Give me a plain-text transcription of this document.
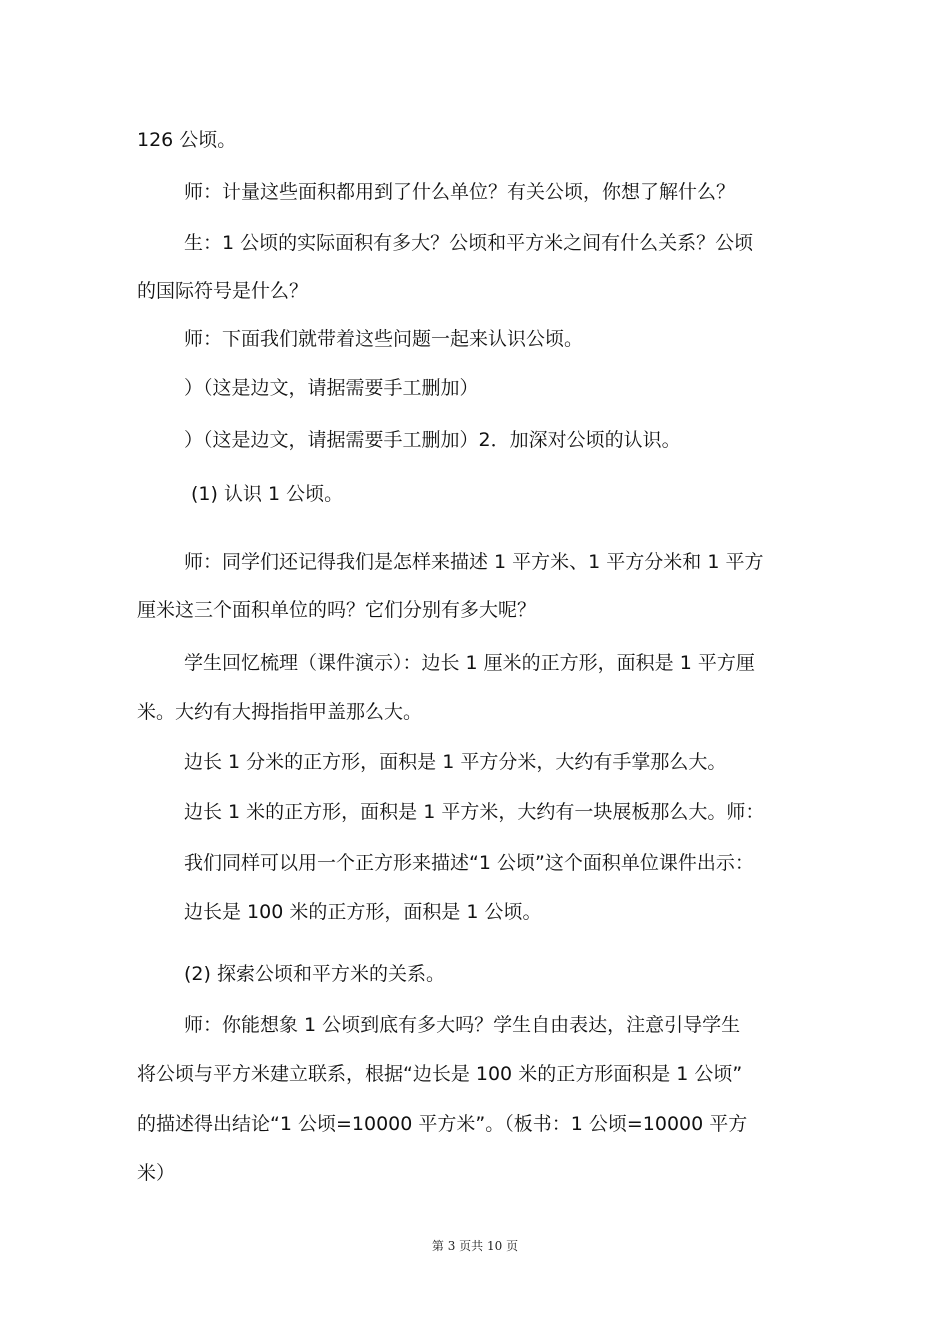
126 公顷。
师：计量这些面积都用到了什么单位？有关公顷，你想了解什么？
生：1 公顷的实际面积有多大？公顷和平方米之间有什么关系？公顷
的国际符号是什么？
师：下面我们就带着这些问题一起来认识公顷。
）（这是边文，请据需要手工删加）
）（这是边文，请据需要手工删加）2．加深对公顷的认识。
(1) 认识 1 公顷。
师：同学们还记得我们是怎样来描述 1 平方米、1 平方分米和 1 平方
厘米这三个面积单位的吗？它们分别有多大呢？
学生回忆梳理（课件演示）：边长 1 厘米的正方形，面积是 1 平方厘
米。大约有大拇指指甲盖那么大。
边长 1 分米的正方形，面积是 1 平方分米，大约有手掌那么大。
边长 1 米的正方形，面积是 1 平方米，大约有一块展板那么大。师：
我们同样可以用一个正方形来描述“1 公顷”这个面积单位课件出示：
边长是 100 米的正方形，面积是 1 公顷。
(2) 探索公顷和平方米的关系。
师：你能想象 1 公顷到底有多大吗？学生自由表达，注意引导学生
将公顷与平方米建立联系，根据“边长是 100 米的正方形面积是 1 公顷”
的描述得出结论“1 公顷=10000 平方米”。（板书：1 公顷=10000 平方
米）
第 3 页共 10 页
